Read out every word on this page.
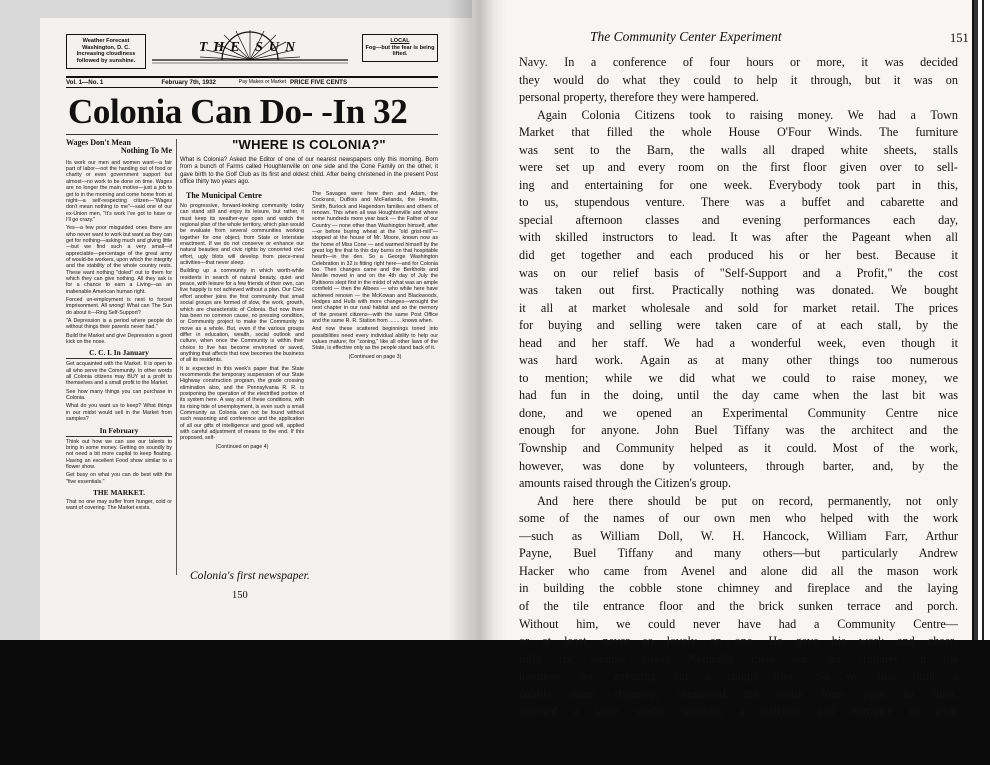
Weather Forecast
Washington, D. C.
Increasing cloudiness
followed by sunshine.
THE SUN	LOCAL
Fog—but the fear is being lifted.
Vol. 1—No. 1	February 7th, 1932	Pay Makes or Market PRICE FIVE CENTS
Colonia Can Do- -In 32
Wages Don't Mean
Nothing To Me

Its work our men and women want—a fair part of labor—not the handing out of food or charity or even government support but almost—no work to be done on time. Wages are no longer the main motive—just a job to get to in the morning and come home from at night—a self-respecting citizen—"Wages don't mean nothing to me"—said one of our ex-Union men, "It's work I've got to have or I'll go crazy."

Yes—a few poor misguided ones there are who never want to work but want as they can get for nothing—asking much and giving little—but we find such a very small—if appreciable—percentage of the great army of would-be workers, upon which the integrity and the stability of the whole country rests. These want nothing "doled" out to them for which they can give nothing. All they ask is for a chance to earn a Living—as an inalienable American human right.

Forced un-employment is next to forced imprisonment. All wrong! What can The Sun do about it—Ring Self-Support?

"A Depression is a period where people do without things their parents never had."

Build the Market and give Depression a good kick on the nose.

C. C. I. In January

Get acquainted with the Market. It is open to all who serve the Community. In other words all Colonia citizens may BUY at a profit to themselves and a small profit to the Market.

See how many things you can purchase in Colonia.

What do you want us to keep? What things in our midst would sell in the Market from samples?

In February

Think out how we can use our talents to bring in some money. Getting on soundly by not need a bit more capital to keep floating. Having an excellent Food show similar to a flower show.

Get busy on what you can do best with the "five essentials."

THE MARKET.

That no one may suffer from hunger, cold or want of covering. The Market exists.

"WHERE IS COLONIA?"
What is Colonia? Asked the Editor of one of our nearest newspapers only this morning. Born from a bunch of Farms called Houghtenville on one side and the Cone Family on the other, it gave birth to the Golf Club as its first and oldest child. After being christened in the present Post office thirty two years ago.
The Municipal Centre

No progressive, forward-looking community today can stand still and enjoy its leisure, but rather, it must keep its weather-eye open and watch the regional plan of the whole territory, which plan would be evaluate from several communities working together for one object, from State or Interstate enactment. If we do not conserve or enhance our natural beauties and civic rights by concerted civic effort, ugly blots will develop from piece-meal activities—that never sleep.

Building up a community in which worth-while residents in search of natural beauty, quiet and peace, with leisure for a few friends of their own, can live happily is not achieved without a plan. Our Civic effort another joins the first community that small social groups are formed of slow, the work, growth, which are characteristic of Colonia. But now there has been no common cause, no pressing condition, or Community project to make the Community to move as a whole. But, even if the various groups differ in education, wealth, social outlook and culture, when once the Community is within their choice to live has become environed or saved, anything that affects that now becomes the business of all its residents.

It is expected in this week's paper that the State recommends the temporary suspension of our State Highway construction program, the grade crossing elimination also, and the Pennsylvania R. R. is postponing the operation of the electrified portion of its system here. A way out of these conditions, with its rising tide of unemployment, is even such a small Community as Colonia can not be found without such reasoning and conference and the application of all our gifts of intelligence and good will, applied with careful adjustment of means to the end. If this proposed, self-

(Continued on page 4)

The Savages were here then and Adam, the Cockrans, DuBois and McFarlands, the Hewitts, Smith, Burlock and Hagendorn families and others of renown. This when all was Houghtenville and where some hundreds more year back — the Father of our Country — none other than Washington himself, after—or before buying wheat at the "old grist-mill"—stopped at the house of Mr. Moore, known now as the home of Miss Cone — and warmed himself by the great log fire that to this day burns on that hospitable hearth—in the den. So a George Washington Celebration in 32 is fitting right here—and for Colonia too. Then changes came and the Berkholts and Neville moved in and on the 4th day of July the Pattisons slept first in the midst of what was an ample cornfield — then the Albees — who while here have achieved renown — the McKowan and Blackwoods, Hodges and Hulls with more changes—wrought the next chapter in our rural habitat and so the memory of the present citizens—with the same Post Office and the same R. R. Station from ........ knows when.

And now these scattered beginnings toned into possibilities need every individual ability to help our values mature; for "zoning," like all other laws of the State, is effective only as the people stand back of it.

(Continued on page 3)

Colonia's first newspaper.
150
The Community Center Experiment	151
Navy. In a conference of four hours or more, it was decided
they would do what they could to help it through, but it was on
personal property, therefore they were hampered.
Again Colonia Citizens took to raising money. We had a Town
Market that filled the whole House O'Four Winds. The furniture
was sent to the Barn, the walls all draped white sheets, stalls
were set up and every room on the first floor given over to sell-
ing and entertaining for one week. Everybody took part in this,
to us, stupendous venture. There was a buffet and cabarette and
special afternoon classes and evening performances each day,
with skilled instructors to lead. It was after the Pageant when all
did get together and each produced his or her best. Because it
was on our relief basis of "Self-Support and a Profit," the cost
was taken out first. Practically nothing was donated. We bought
it all at market wholesale and sold for market retail. The prices
for buying and selling were taken care of at each stall, by the
head and her staff. We had a wonderful week, even though it
was hard work. Again as at many other things too numerous
to mention; while we did what we could to raise money, we
had fun in the doing, until the day came when the last bit was
done, and we opened an Experimental Community Centre nice
enough for anyone. John Buel Tiffany was the architect and the
Township and Community helped as it could. Most of the work,
however, was done by volunteers, through barter, and, by the
amounts raised through the Citizen's group.
And here there should be put on record, permanently, not only
some of the names of our own men who helped with the work
—such as William Doll, W. H. Hancock, William Farr, Arthur
Payne, Buel Tiffany and many others—but particularly Andrew
Hacker who came from Avenel and alone did all the mason work
in building the cobble stone chimney and fireplace and the laying
of the tile entrance floor and the brick sunken terrace and porch.
Without him, we could never have had a Community Centre—
or at least, never so lovely an one. He gave his work and cheer-
fully for another town. Naturally there was no chimney in the
haymow, nor anything but a rough floor. So we first built a
cobble stone chimney, canvassed the walls from peak to floor,
inserted a large studio window, a stairway and entrance to what
